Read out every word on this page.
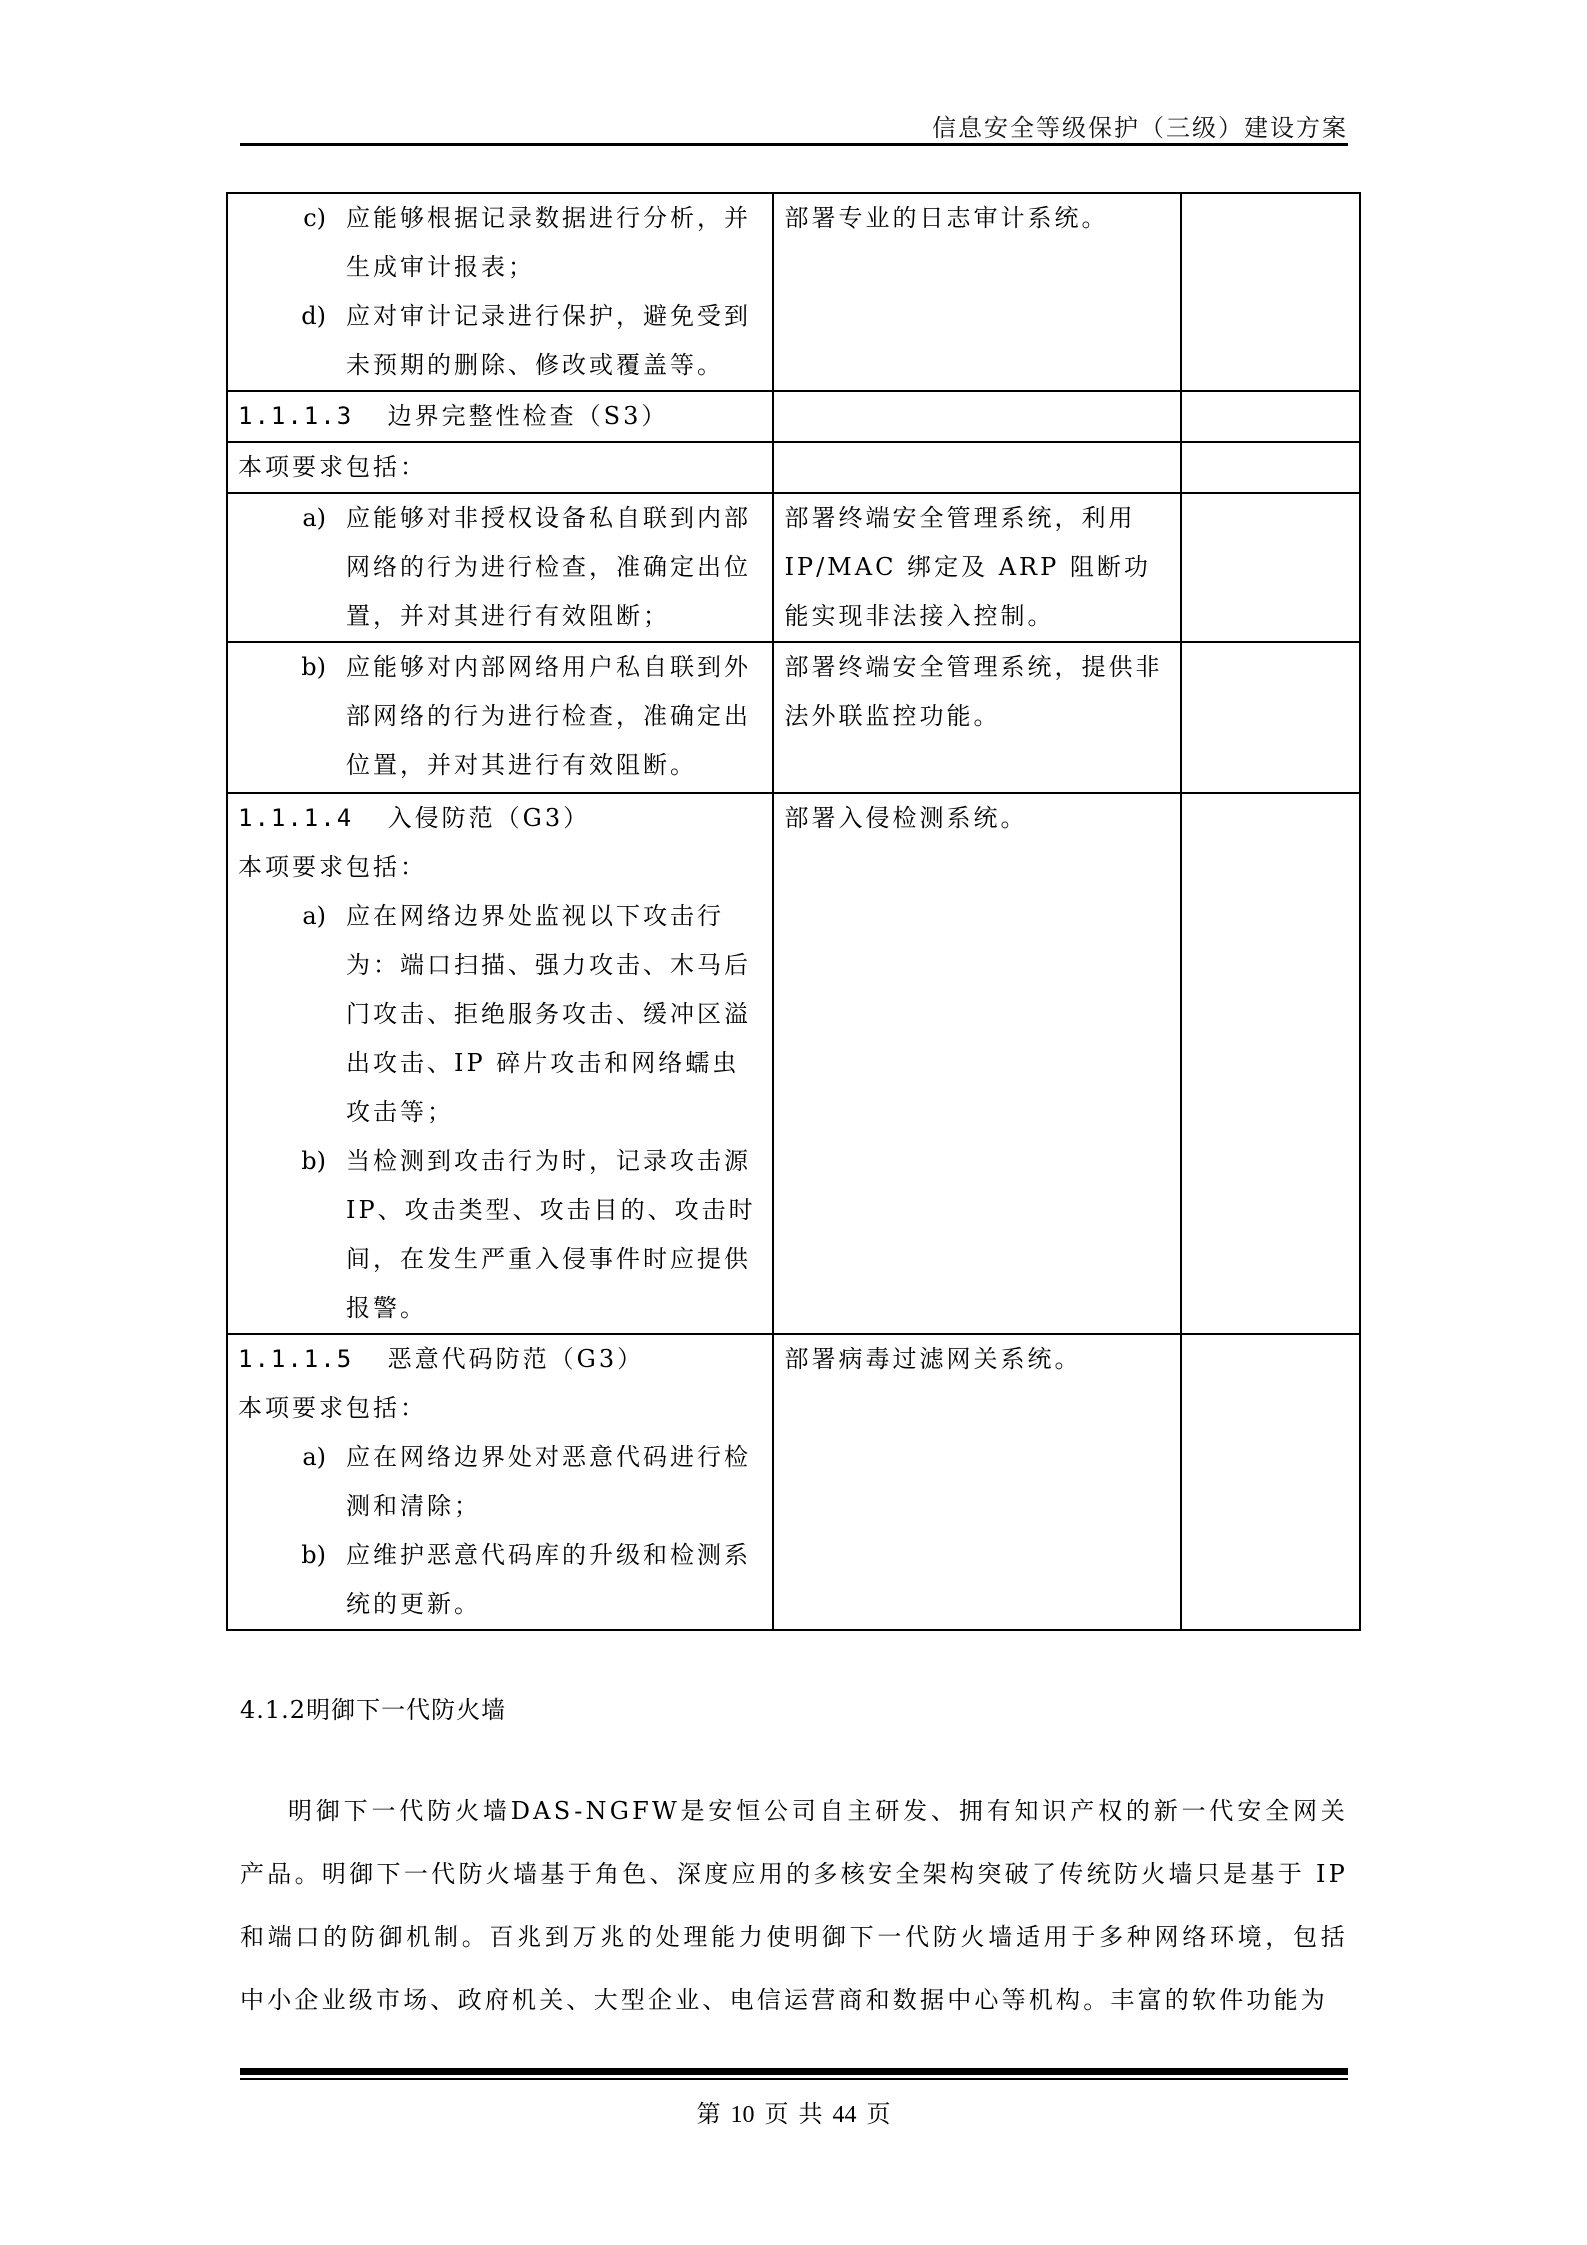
信息安全等级保护（三级）建设方案
c) 应能够根据记录数据进行分析，并生成审计报表；
d) 应对审计记录进行保护，避免受到未预期的删除、修改或覆盖等。	部署专业的日志审计系统。	
1.1.1.3 边界完整性检查（S3）		
本项要求包括：		

a) 应能够对非授权设备私自联到内部网络的行为进行检查，准确定出位置，并对其进行有效阻断；	部署终端安全管理系统，利用IP/MAC 绑定及 ARP 阻断功能实现非法接入控制。	

b) 应能够对内部网络用户私自联到外部网络的行为进行检查，准确定出位置，并对其进行有效阻断。	部署终端安全管理系统，提供非法外联监控功能。	

1.1.1.4 入侵防范（G3）
本项要求包括：
a) 应在网络边界处监视以下攻击行为：端口扫描、强力攻击、木马后门攻击、拒绝服务攻击、缓冲区溢出攻击、IP 碎片攻击和网络蠕虫攻击等；
b) 当检测到攻击行为时，记录攻击源 IP、攻击类型、攻击目的、攻击时间，在发生严重入侵事件时应提供报警。
	部署入侵检测系统。	

1.1.1.5 恶意代码防范（G3）
本项要求包括：
a) 应在网络边界处对恶意代码进行检测和清除；
b) 应维护恶意代码库的升级和检测系统的更新。
	部署病毒过滤网关系统。	
4.1.2明御下一代防火墙

明御下一代防火墙DAS-NGFW是安恒公司自主研发、拥有知识产权的新一代安全网关产品。明御下一代防火墙基于角色、深度应用的多核安全架构突破了传统防火墙只是基于 IP 和端口的防御机制。百兆到万兆的处理能力使明御下一代防火墙适用于多种网络环境，包括中小企业级市场、政府机关、大型企业、电信运营商和数据中心等机构。丰富的软件功能为

第 10 页 共 44 页
